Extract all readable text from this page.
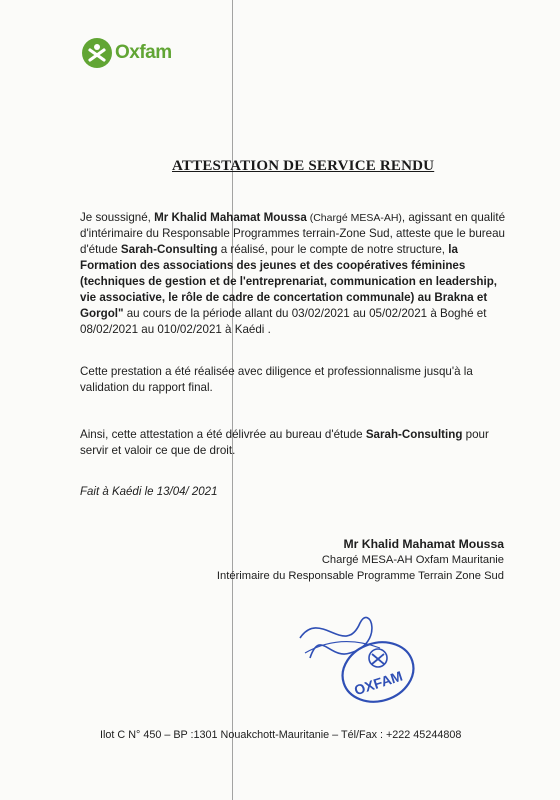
Oxfam
ATTESTATION DE SERVICE RENDU
Je soussigné, Mr Khalid Mahamat Moussa (Chargé MESA-AH), agissant en qualité d'intérimaire du Responsable Programmes terrain-Zone Sud, atteste que le bureau d'étude Sarah-Consulting a réalisé, pour le compte de notre structure, la Formation des associations des jeunes et des coopératives féminines (techniques de gestion et de l'entreprenariat, communication en leadership, vie associative, le rôle de cadre de concertation communale) au Brakna et Gorgol" au cours de la période allant du 03/02/2021 au 05/02/2021 à Boghé et 08/02/2021 au 010/02/2021 à Kaédi .
Cette prestation a été réalisée avec diligence et professionnalisme jusqu'à la validation du rapport final.
Ainsi, cette attestation a été délivrée au bureau d'étude Sarah-Consulting pour servir et valoir ce que de droit.
Fait à Kaédi le 13/04/ 2021
Mr Khalid Mahamat Moussa
Chargé MESA-AH Oxfam Mauritanie
Intérimaire du Responsable Programme Terrain Zone Sud
OXFAM
Ilot C N° 450 – BP :1301 Nouakchott-Mauritanie – Tél/Fax : +222 45244808
